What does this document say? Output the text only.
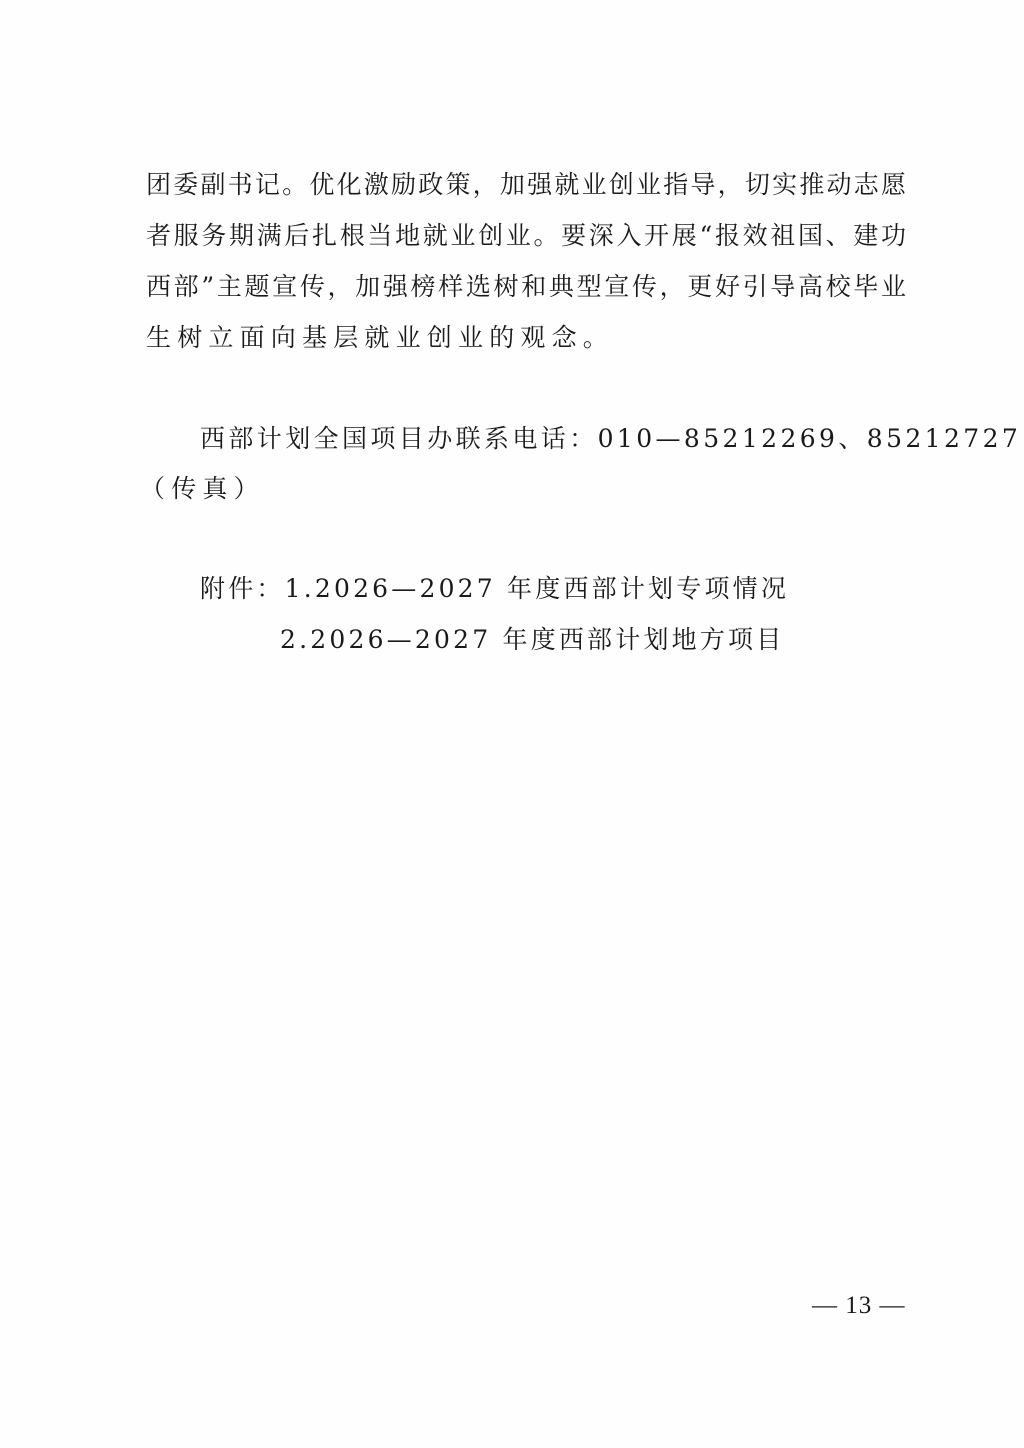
团委副书记。优化激励政策，加强就业创业指导，切实推动志愿
者服务期满后扎根当地就业创业。要深入开展“报效祖国、建功
西部”主题宣传，加强榜样选树和典型宣传，更好引导高校毕业
生树立面向基层就业创业的观念。
西部计划全国项目办联系电话：010—85212269、85212727
（传真）
附件：1.2026—2027 年度西部计划专项情况
2.2026—2027 年度西部计划地方项目
— 13 —
